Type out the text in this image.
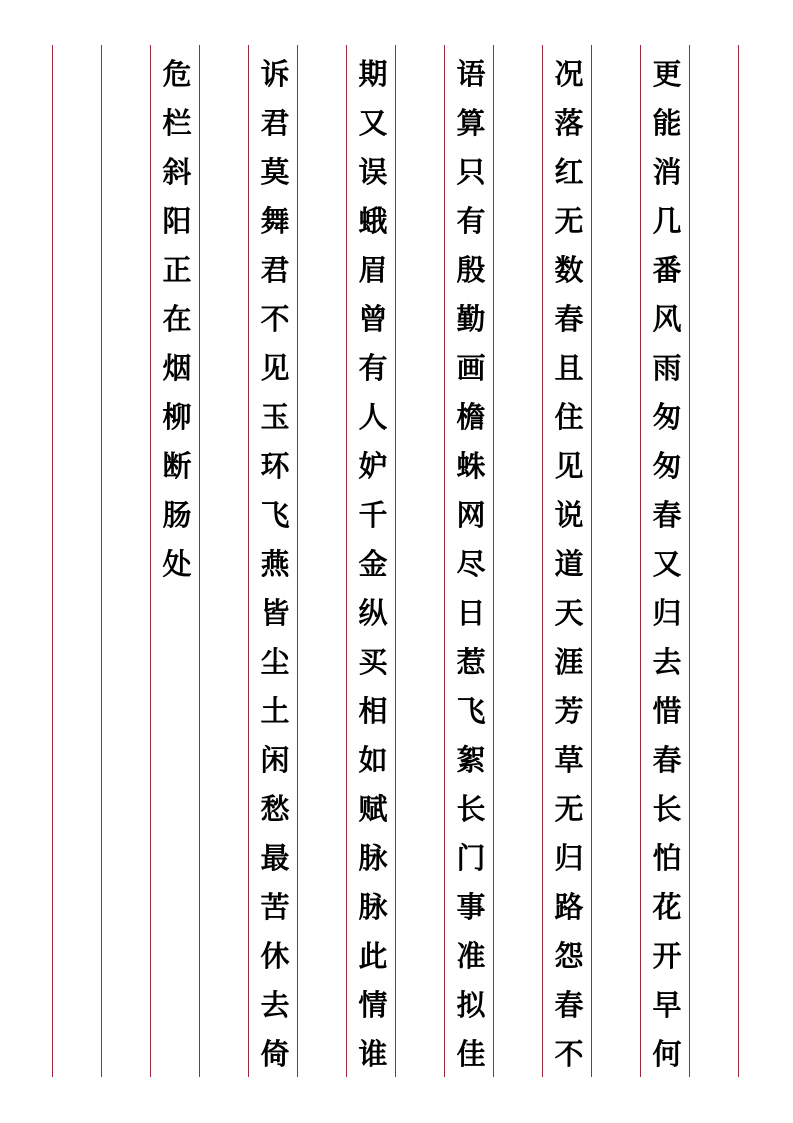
更
能
消
几
番
风
雨
匆
匆
春
又
归
去
惜
春
长
怕
花
开
早
何
况
落
红
无
数
春
且
住
见
说
道
天
涯
芳
草
无
归
路
怨
春
不
语
算
只
有
殷
勤
画
檐
蛛
网
尽
日
惹
飞
絮
长
门
事
准
拟
佳
期
又
误
蛾
眉
曾
有
人
妒
千
金
纵
买
相
如
赋
脉
脉
此
情
谁
诉
君
莫
舞
君
不
见
玉
环
飞
燕
皆
尘
土
闲
愁
最
苦
休
去
倚
危
栏
斜
阳
正
在
烟
柳
断
肠
处
